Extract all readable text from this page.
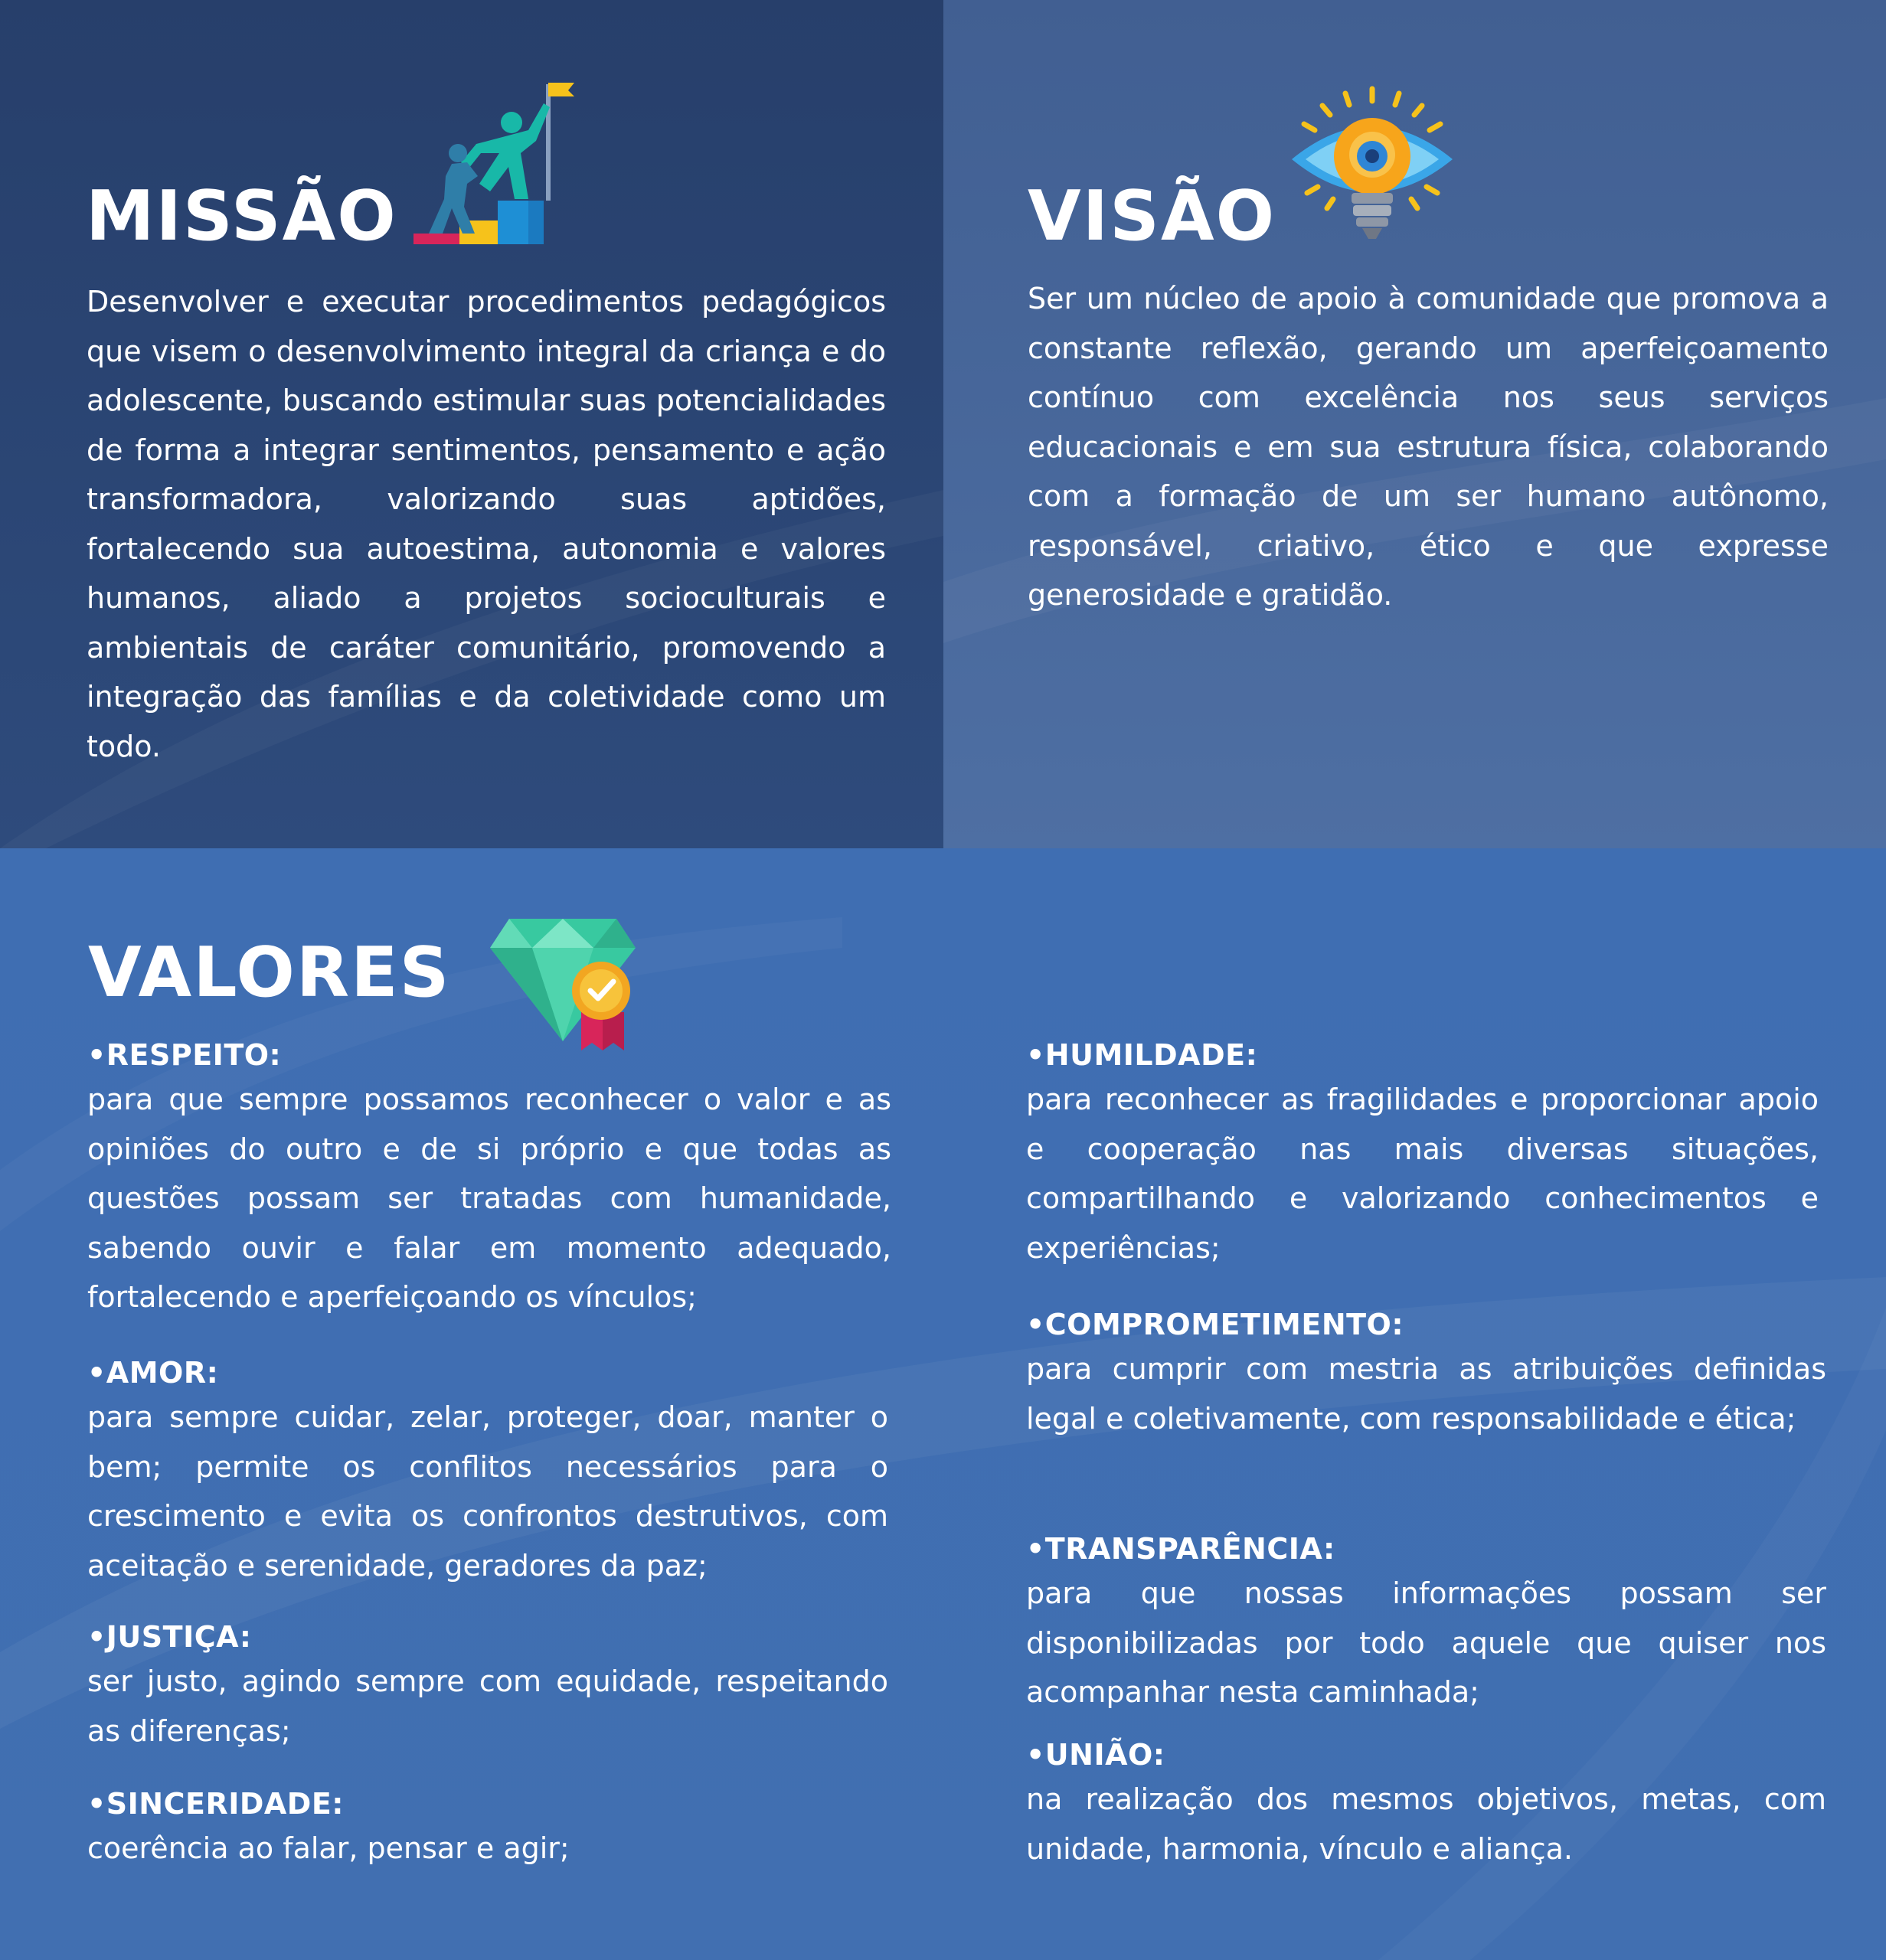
MISSÃO

Desenvolver e executar procedimentos pedagógicos que visem o desenvolvimento integral da criança e do adolescente, buscando estimular suas potencialidades de forma a integrar sentimentos, pensamento e ação transformadora, valorizando suas aptidões, fortalecendo sua autoestima, autonomia e valores humanos, aliado a projetos socioculturais e ambientais de caráter comunitário, promovendo a integração das famílias e da coletividade como um todo.

VISÃO

Ser um núcleo de apoio à comunidade que promova a constante reflexão, gerando um aperfeiçoamento contínuo com excelência nos seus serviços educacionais e em sua estrutura física, colaborando com a formação de um ser humano autônomo, responsável, criativo, ético e que expresse generosidade e gratidão.

VALORES
•RESPEITO:
para que sempre possamos reconhecer o valor e as opiniões do outro e de si próprio e que todas as questões possam ser tratadas com humanidade, sabendo ouvir e falar em momento adequado, fortalecendo e aperfeiçoando os vínculos;
•AMOR:
para sempre cuidar, zelar, proteger, doar, manter o bem; permite os conflitos necessários para o crescimento e evita os confrontos destrutivos, com aceitação e serenidade, geradores da paz;
•JUSTIÇA:
ser justo, agindo sempre com equidade, respeitando as diferenças;
•SINCERIDADE:
coerência ao falar, pensar e agir;
•HUMILDADE:
para reconhecer as fragilidades e proporcionar apoio e cooperação nas mais diversas situações, compartilhando e valorizando conhecimentos e experiências;
•COMPROMETIMENTO:
para cumprir com mestria as atribuições definidas legal e coletivamente, com responsabilidade e ética;
•TRANSPARÊNCIA:
para que nossas informações possam ser disponibilizadas por todo aquele que quiser nos acompanhar nesta caminhada;
•UNIÃO:
na realização dos mesmos objetivos, metas, com unidade, harmonia, vínculo e aliança.
